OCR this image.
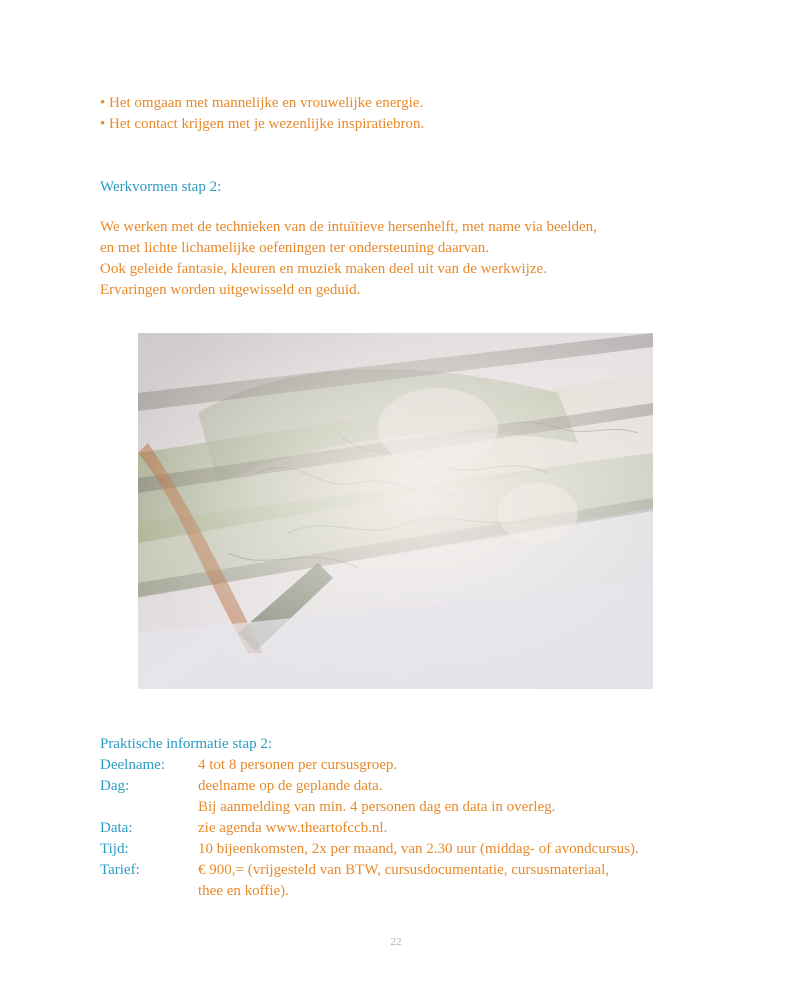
• Het omgaan met mannelijke en vrouwelijke energie.
• Het contact krijgen met je wezenlijke inspiratiebron.
Werkvormen stap 2:
We werken met de technieken van de intuïtieve hersenhelft, met name via beelden,
en met lichte lichamelijke oefeningen ter ondersteuning daarvan.
Ook geleide fantasie, kleuren en muziek maken deel uit van de werkwijze.
Ervaringen worden uitgewisseld en geduid.
Praktische informatie stap 2:
Deelname:	4 tot 8 personen per cursusgroep.
Dag:	deelname op de geplande data.
Bij aanmelding van min. 4 personen dag en data in overleg.
Data:	zie agenda www.theartofccb.nl.
Tijd:	10 bijeenkomsten, 2x per maand, van 2.30 uur (middag- of avondcursus).
Tarief:	€ 900,= (vrijgesteld van BTW, cursusdocumentatie, cursusmateriaal,
thee en koffie).
22
